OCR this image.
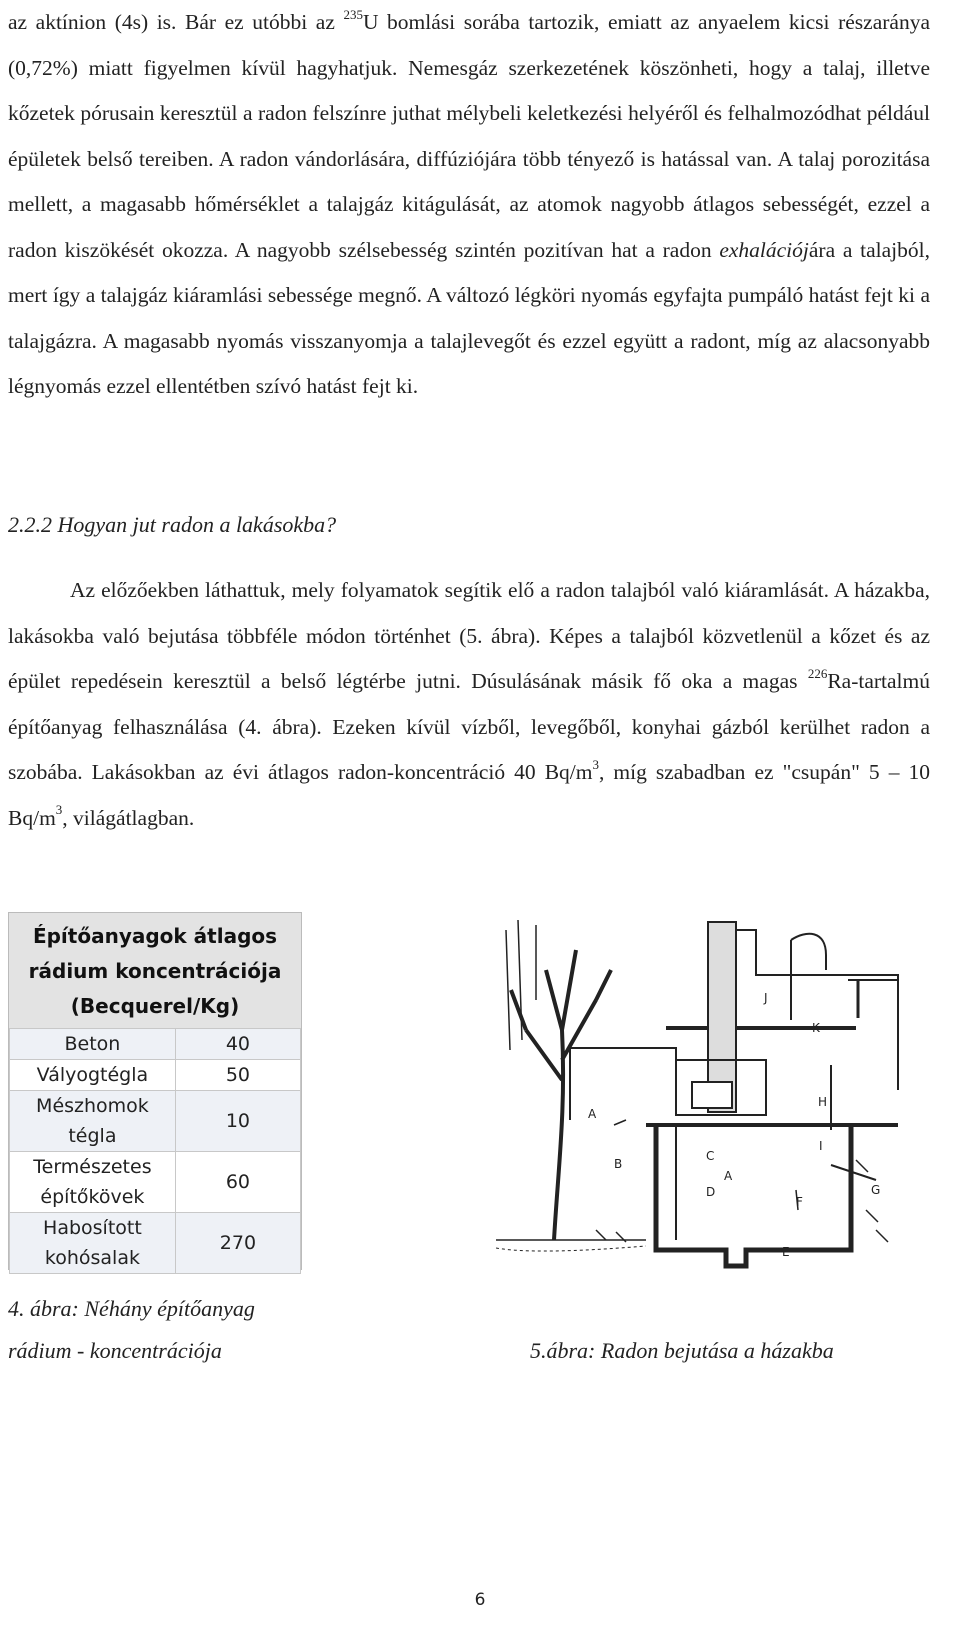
az aktínion (4s) is. Bár ez utóbbi az $^{235}$U bomlási sorába tartozik, emiatt az anyaelem kicsi részaránya (0,72%) miatt figyelmen kívül hagyhatjuk. Nemesgáz szerkezetének köszönheti, hogy a talaj, illetve kőzetek pórusain keresztül a radon felszínre juthat mélybeli keletkezési helyéről és felhalmozódhat például épületek belső tereiben. A radon vándorlására, diffúziójára több tényező is hatással van. A talaj porozitása mellett, a magasabb hőmérséklet a talajgáz kitágulását, az atomok nagyobb átlagos sebességét, ezzel a radon kiszökését okozza. A nagyobb szélsebesség szintén pozitívan hat a radon exhalációjára a talajból, mert így a talajgáz kiáramlási sebessége megnő. A változó légköri nyomás egyfajta pumpáló hatást fejt ki a talajgázra. A magasabb nyomás visszanyomja a talajlevegőt és ezzel együtt a radont, míg az alacsonyabb légnyomás ezzel ellentétben szívó hatást fejt ki.

2.2.2 Hogyan jut radon a lakásokba?

Az előzőekben láthattuk, mely folyamatok segítik elő a radon talajból való kiáramlását. A házakba, lakásokba való bejutása többféle módon történhet (5. ábra). Képes a talajból közvetlenül a kőzet és az épület repedésein keresztül a belső légtérbe jutni. Dúsulásának másik fő oka a magas $^{226}$Ra-tartalmú építőanyag felhasználása (4. ábra). Ezeken kívül vízből, levegőből, konyhai gázból kerülhet radon a szobába. Lakásokban az évi átlagos radon-koncentráció 40 $Bq/m^3$, míg szabadban ez "csupán" 5 – 10 $Bq/m^3$, világátlagban.

Építőanyagok átlagos
rádium koncentrációja
(Becquerel/Kg)
Beton	40
Vályogtégla	50
Mészhomok tégla	10
Természetes építőkövek	60
Habosított kohósalak	270
A
B
C
D
A
E
F
G
H
I
J
K

4. ábra: Néhány építőanyag
rádium - koncentrációja	5.ábra: Radon bejutása a házakba

6
